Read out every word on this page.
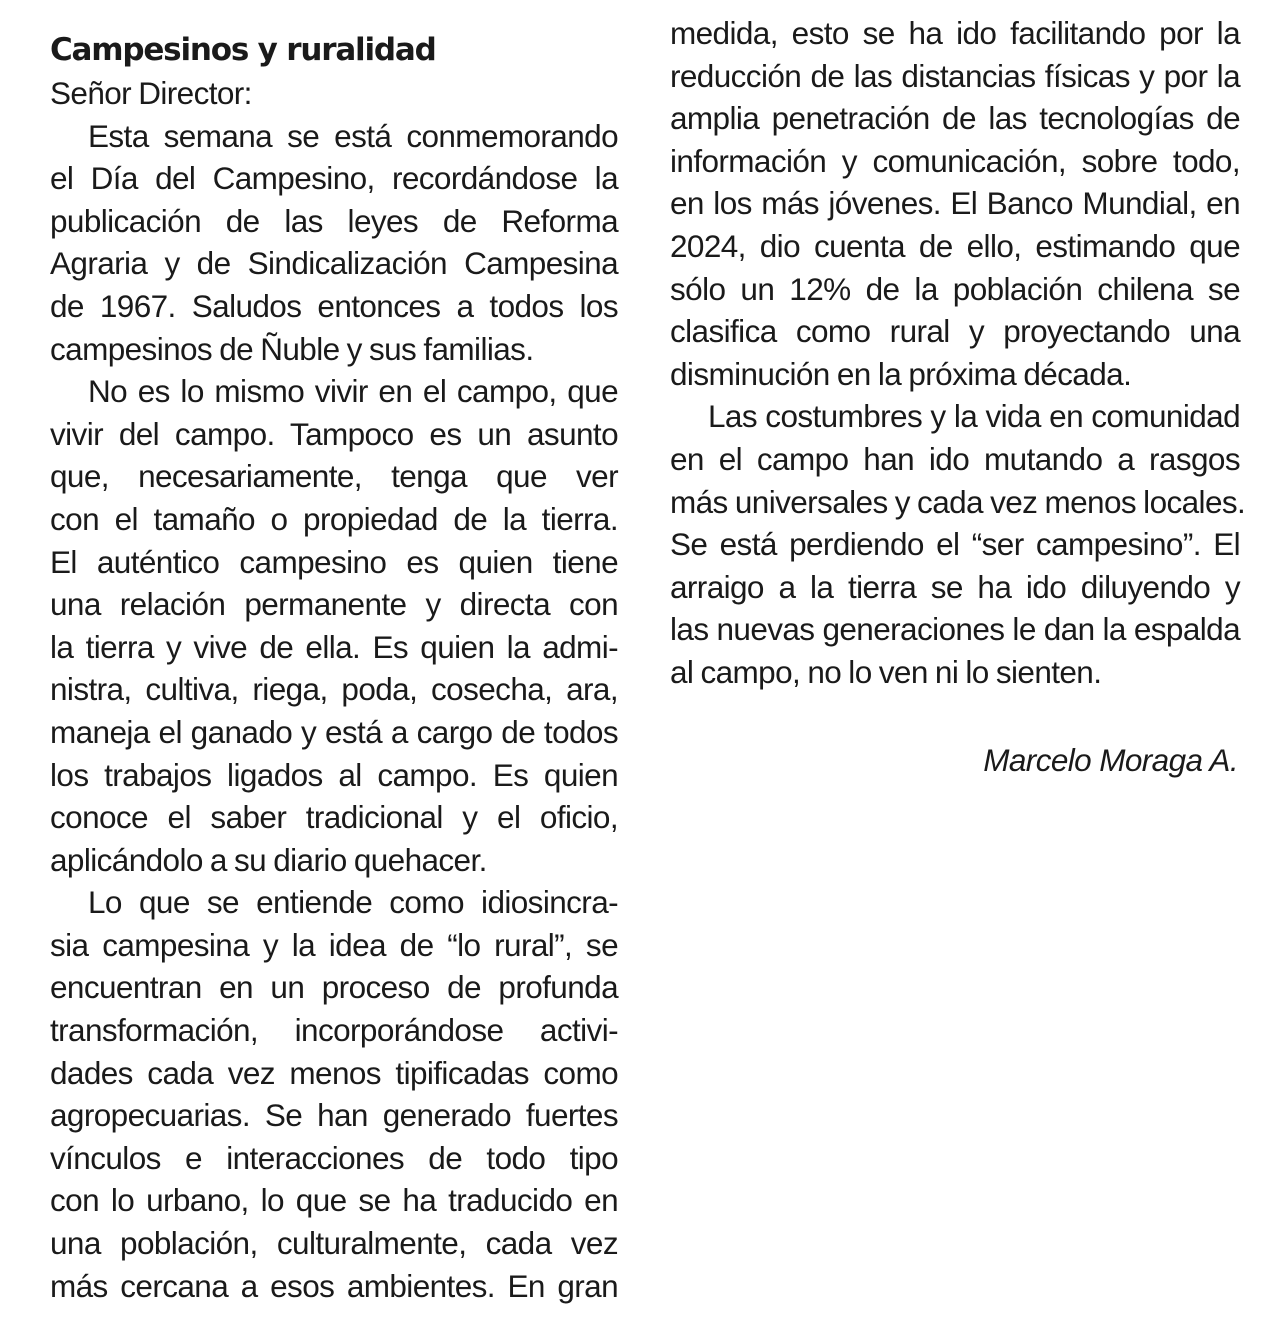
Campesinos y ruralidad
Señor Director:
Esta semana se está conmemorando
el Día del Campesino, recordándose la
publicación de las leyes de Reforma
Agraria y de Sindicalización Campesina
de 1967. Saludos entonces a todos los
campesinos de Ñuble y sus familias.
No es lo mismo vivir en el campo, que
vivir del campo. Tampoco es un asunto
que, necesariamente, tenga que ver
con el tamaño o propiedad de la tierra.
El auténtico campesino es quien tiene
una relación permanente y directa con
la tierra y vive de ella. Es quien la admi-
nistra, cultiva, riega, poda, cosecha, ara,
maneja el ganado y está a cargo de todos
los trabajos ligados al campo. Es quien
conoce el saber tradicional y el oficio,
aplicándolo a su diario quehacer.
Lo que se entiende como idiosincra-
sia campesina y la idea de “lo rural”, se
encuentran en un proceso de profunda
transformación, incorporándose activi-
dades cada vez menos tipificadas como
agropecuarias. Se han generado fuertes
vínculos e interacciones de todo tipo
con lo urbano, lo que se ha traducido en
una población, culturalmente, cada vez
más cercana a esos ambientes. En gran
medida, esto se ha ido facilitando por la
reducción de las distancias físicas y por la
amplia penetración de las tecnologías de
información y comunicación, sobre todo,
en los más jóvenes. El Banco Mundial, en
2024, dio cuenta de ello, estimando que
sólo un 12% de la población chilena se
clasifica como rural y proyectando una
disminución en la próxima década.
Las costumbres y la vida en comunidad
en el campo han ido mutando a rasgos
más universales y cada vez menos locales.
Se está perdiendo el “ser campesino”. El
arraigo a la tierra se ha ido diluyendo y
las nuevas generaciones le dan la espalda
al campo, no lo ven ni lo sienten.
Marcelo Moraga A.
